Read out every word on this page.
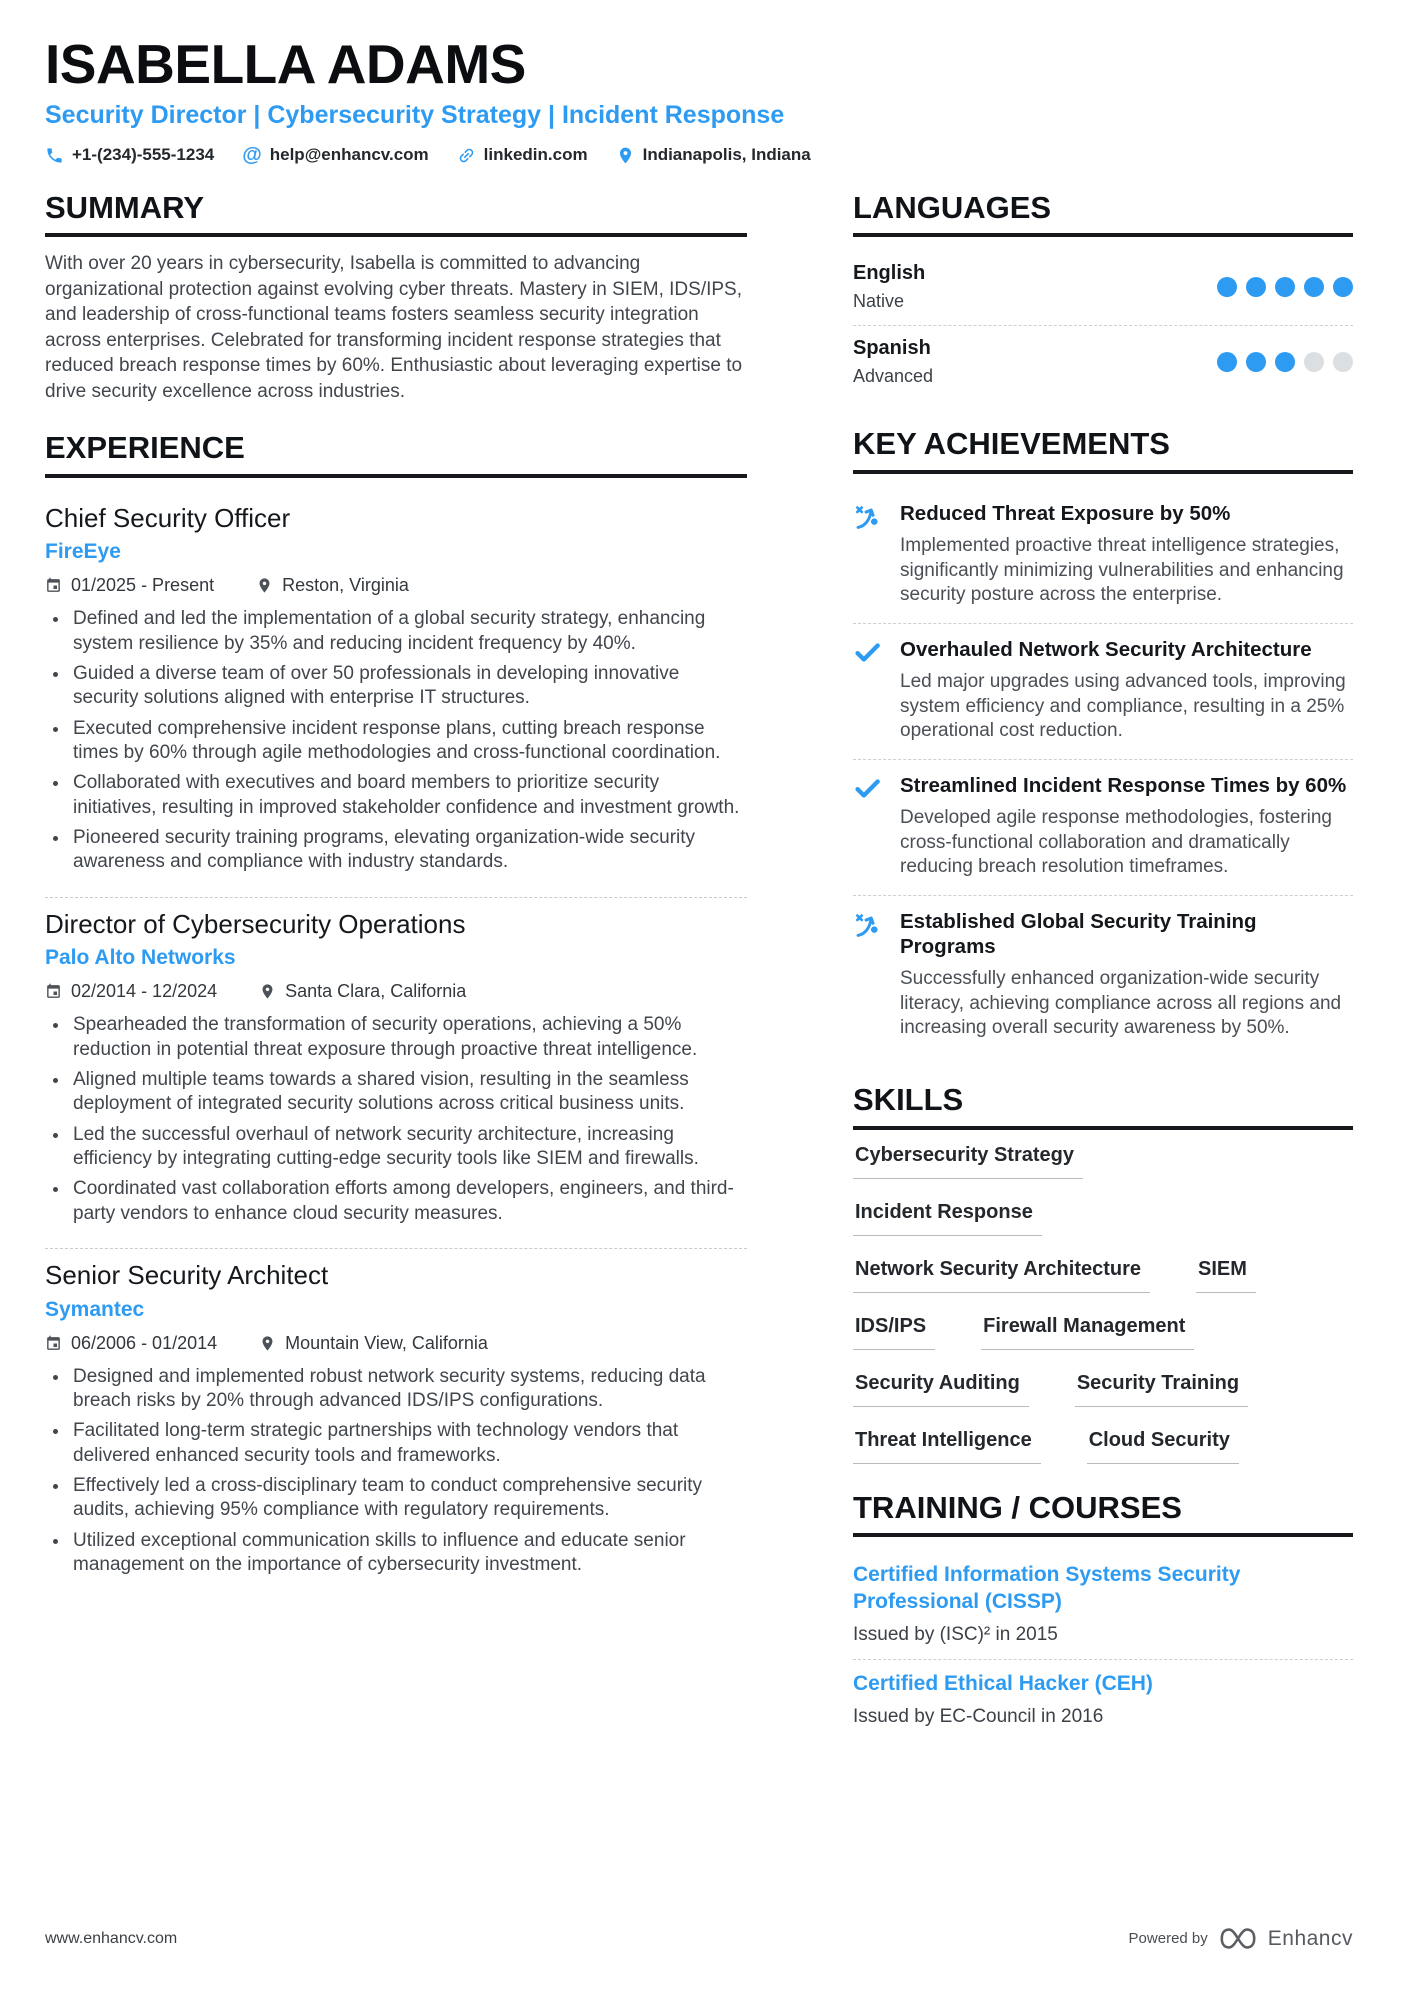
ISABELLA ADAMS
Security Director | Cybersecurity Strategy | Incident Response
+1-(234)-555-1234 @	help@enhancv.com	linkedin.com	Indianapolis, Indiana
SUMMARY

With over 20 years in cybersecurity, Isabella is committed to advancing organizational protection against evolving cyber threats. Mastery in SIEM, IDS/IPS, and leadership of cross-functional teams fosters seamless security integration across enterprises. Celebrated for transforming incident response strategies that reduced breach response times by 60%. Enthusiastic about leveraging expertise to drive security excellence across industries.

EXPERIENCE
Chief Security Officer
FireEye
01/2025 - Present	Reston, Virginia
• Defined and led the implementation of a global security strategy, enhancing system resilience by 35% and reducing incident frequency by 40%.
• Guided a diverse team of over 50 professionals in developing innovative security solutions aligned with enterprise IT structures.
• Executed comprehensive incident response plans, cutting breach response times by 60% through agile methodologies and cross-functional coordination.
• Collaborated with executives and board members to prioritize security initiatives, resulting in improved stakeholder confidence and investment growth.
• Pioneered security training programs, elevating organization-wide security awareness and compliance with industry standards.
Director of Cybersecurity Operations
Palo Alto Networks
02/2014 - 12/2024	Santa Clara, California
• Spearheaded the transformation of security operations, achieving a 50% reduction in potential threat exposure through proactive threat intelligence.
• Aligned multiple teams towards a shared vision, resulting in the seamless deployment of integrated security solutions across critical business units.
• Led the successful overhaul of network security architecture, increasing efficiency by integrating cutting-edge security tools like SIEM and firewalls.
• Coordinated vast collaboration efforts among developers, engineers, and third-party vendors to enhance cloud security measures.
Senior Security Architect
Symantec
06/2006 - 01/2014	Mountain View, California
• Designed and implemented robust network security systems, reducing data breach risks by 20% through advanced IDS/IPS configurations.
• Facilitated long-term strategic partnerships with technology vendors that delivered enhanced security tools and frameworks.
• Effectively led a cross-disciplinary team to conduct comprehensive security audits, achieving 95% compliance with regulatory requirements.
• Utilized exceptional communication skills to influence and educate senior management on the importance of cybersecurity investment.
LANGUAGES
English
Native
Spanish
Advanced
KEY ACHIEVEMENTS
Reduced Threat Exposure by 50%
Implemented proactive threat intelligence strategies, significantly minimizing vulnerabilities and enhancing security posture across the enterprise.
Overhauled Network Security Architecture
Led major upgrades using advanced tools, improving system efficiency and compliance, resulting in a 25% operational cost reduction.
Streamlined Incident Response Times by 60%
Developed agile response methodologies, fostering cross-functional collaboration and dramatically reducing breach resolution timeframes.
Established Global Security Training Programs
Successfully enhanced organization-wide security literacy, achieving compliance across all regions and increasing overall security awareness by 50%.
SKILLS
Cybersecurity Strategy
Incident Response
Network Security Architecture	SIEM
IDS/IPS	Firewall Management
Security Auditing	Security Training
Threat Intelligence	Cloud Security
TRAINING / COURSES
Certified Information Systems Security Professional (CISSP)
Issued by (ISC)² in 2015
Certified Ethical Hacker (CEH)
Issued by EC-Council in 2016
www.enhancv.com	Powered by	Enhancv
